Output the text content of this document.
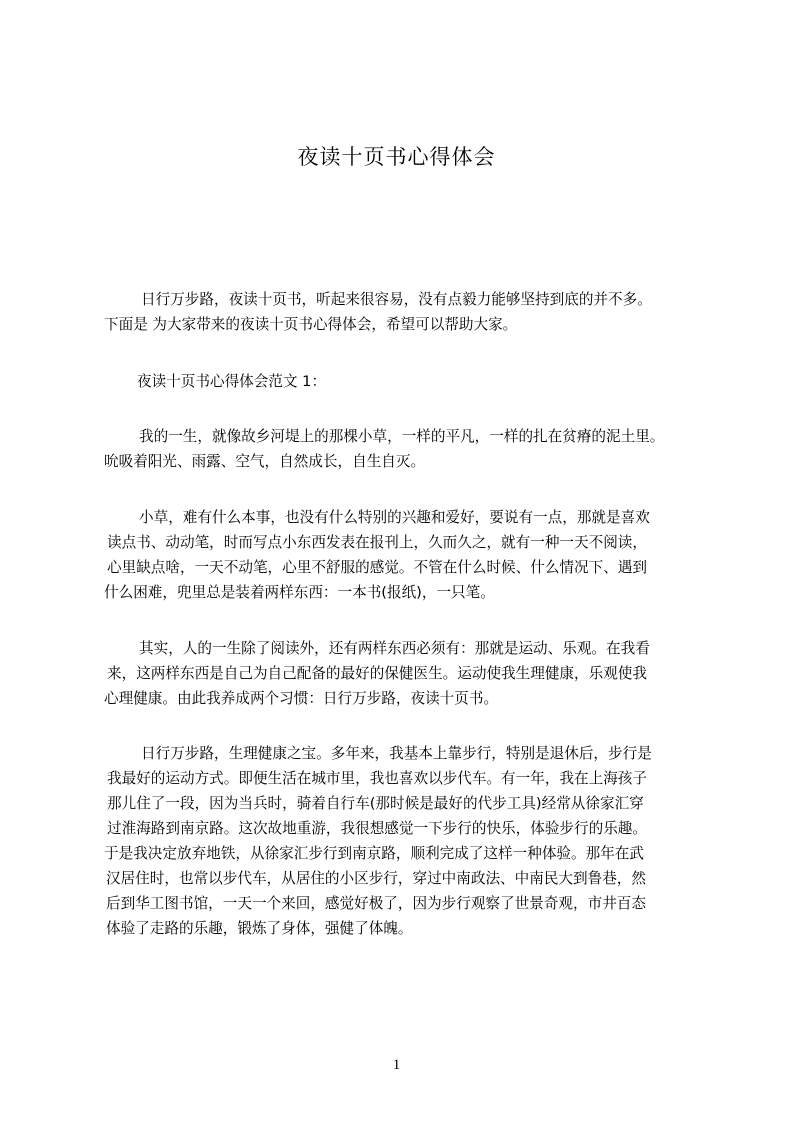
夜读十页书心得体会
日行万步路，夜读十页书，听起来很容易，没有点毅力能够坚持到底的并不多。
下面是 为大家带来的夜读十页书心得体会，希望可以帮助大家。
夜读十页书心得体会范文 1：
我的一生，就像故乡河堤上的那棵小草，一样的平凡，一样的扎在贫瘠的泥土里。
吮吸着阳光、雨露、空气，自然成长，自生自灭。
小草，难有什么本事，也没有什么特别的兴趣和爱好，要说有一点，那就是喜欢
读点书、动动笔，时而写点小东西发表在报刊上，久而久之，就有一种一天不阅读，
心里缺点啥，一天不动笔，心里不舒服的感觉。不管在什么时候、什么情况下、遇到
什么困难，兜里总是装着两样东西：一本书(报纸)，一只笔。
其实，人的一生除了阅读外，还有两样东西必须有：那就是运动、乐观。在我看
来，这两样东西是自己为自己配备的最好的保健医生。运动使我生理健康，乐观使我
心理健康。由此我养成两个习惯：日行万步路，夜读十页书。
日行万步路，生理健康之宝。多年来，我基本上靠步行，特别是退休后，步行是
我最好的运动方式。即便生活在城市里，我也喜欢以步代车。有一年，我在上海孩子
那儿住了一段，因为当兵时，骑着自行车(那时候是最好的代步工具)经常从徐家汇穿
过淮海路到南京路。这次故地重游，我很想感觉一下步行的快乐，体验步行的乐趣。
于是我决定放弃地铁，从徐家汇步行到南京路，顺利完成了这样一种体验。那年在武
汉居住时，也常以步代车，从居住的小区步行，穿过中南政法、中南民大到鲁巷，然
后到华工图书馆，一天一个来回，感觉好极了，因为步行观察了世景奇观，市井百态
体验了走路的乐趣，锻炼了身体，强健了体魄。
1
